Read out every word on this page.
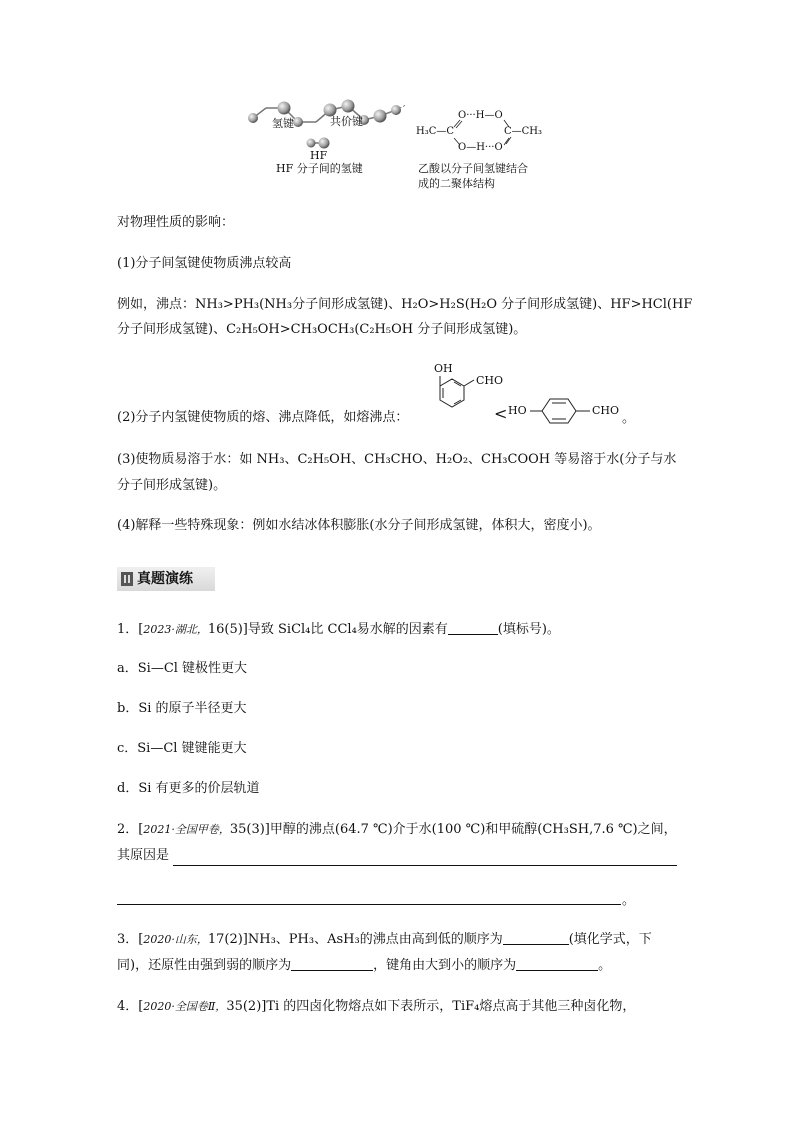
氢键	共价键
HF
HF 分子间的氢键
O···H—O
H₃C—C	C—CH₃
O—H···O
乙酸以分子间氢键结合
成的二聚体结构
对物理性质的影响：
(1)分子间氢键使物质沸点较高
例如，沸点：NH₃>PH₃(NH₃分子间形成氢键)、H₂O>H₂S(H₂O 分子间形成氢键)、HF>HCl(HF
分子间形成氢键)、C₂H₅OH>CH₃OCH₃(C₂H₅OH 分子间形成氢键)。
(2)分子内氢键使物质的熔、沸点降低，如熔沸点：
OH
CHO
< HO	CHO
。
(3)使物质易溶于水：如 NH₃、C₂H₅OH、CH₃CHO、H₂O₂、CH₃COOH 等易溶于水(分子与水
分子间形成氢键)。
(4)解释一些特殊现象：例如水结冰体积膨胀(水分子间形成氢键，体积大，密度小)。
真题演练
1．[2023·湖北，16(5)]导致 SiCl₄比 CCl₄易水解的因素有	(填标号)。
a．Si—Cl 键极性更大
b．Si 的原子半径更大
c．Si—Cl 键键能更大
d．Si 有更多的价层轨道
2．[2021·全国甲卷，35(3)]甲醇的沸点(64.7 ℃)介于水(100 ℃)和甲硫醇(CH₃SH,7.6 ℃)之间，
其原因是
。
3．[2020·山东，17(2)]NH₃、PH₃、AsH₃的沸点由高到低的顺序为	(填化学式，下
同)，还原性由强到弱的顺序为	，键角由大到小的顺序为	。
4．[2020·全国卷Ⅱ，35(2)]Ti 的四卤化物熔点如下表所示，TiF₄熔点高于其他三种卤化物，
